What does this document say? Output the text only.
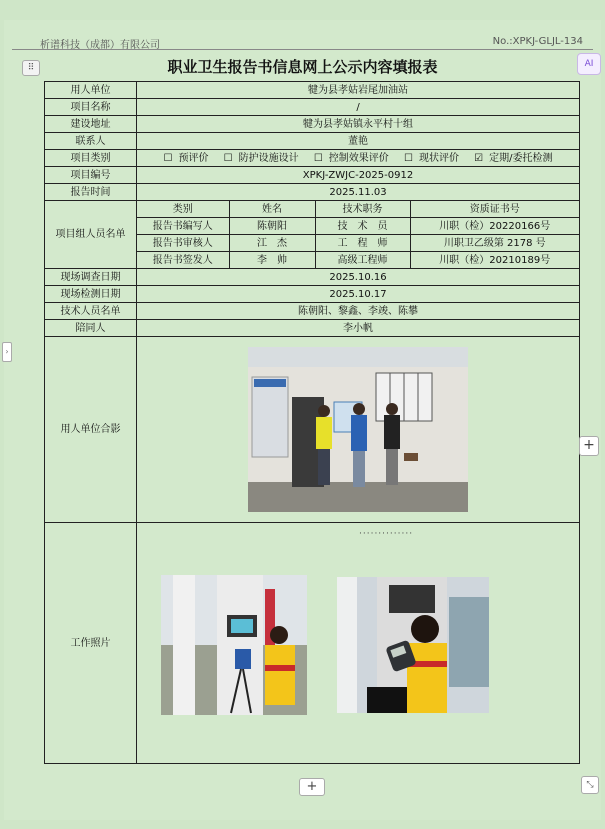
析谱科技（成都）有限公司	No.:XPKJ-GLJL-134
⠿	AI
›
职业卫生报告书信息网上公示内容填报表
用人单位	犍为县孝姑岩尾加油站
项目名称	/
建设地址	犍为县孝姑镇永平村十组
联系人	董艳
项目类别	☐ 预评价 ☐ 防护设施设计 ☐ 控制效果评价 ☐ 现状评价 ☑ 定期/委托检测
项目编号	XPKJ-ZWJC-2025-0912
报告时间	2025.11.03
项目组人员名单	
类别	姓名	技术职务	资质证书号
报告书编写人	陈朝阳	技　术　员	川职（检）20220166号
报告书审核人	江　杰	工　程　师	川职卫乙级第 2178 号
报告书签发人	李　帅	高级工程师	川职（检）20210189号

现场调查日期	2025.10.16
现场检测日期	2025.10.17
技术人员名单	陈朝阳、黎鑫、李竣、陈攀
陪同人	李小帆
用人单位合影	

工作照片	
··············
+
+	⤡
